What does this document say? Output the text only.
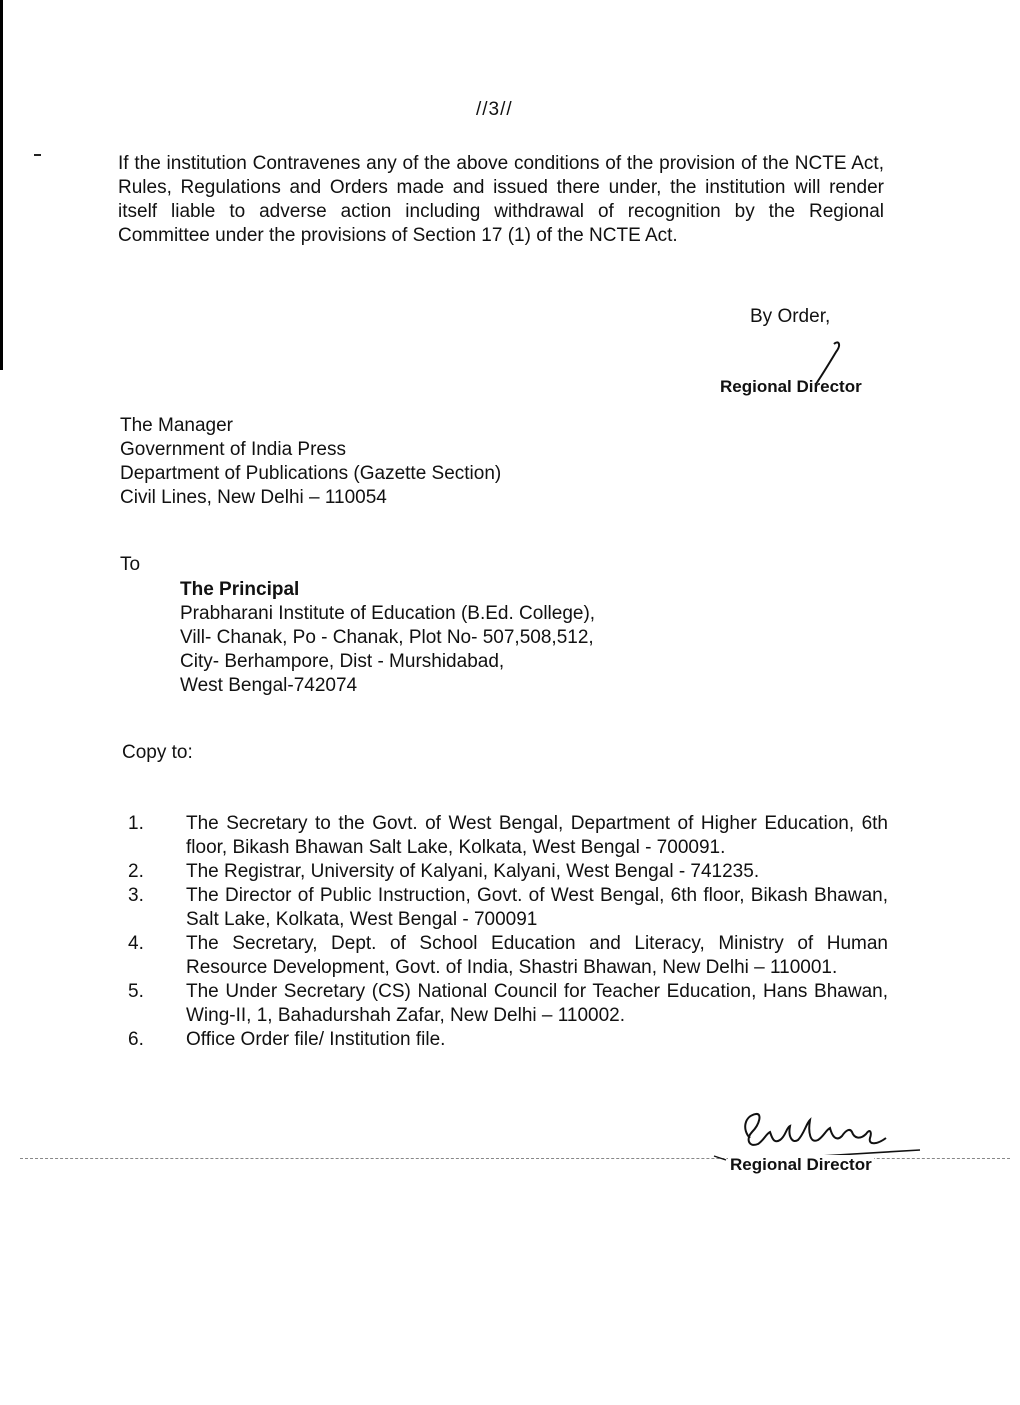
//3//

If the institution Contravenes any of the above conditions of the provision of the NCTE Act, Rules, Regulations and Orders made and issued there under, the institution will render itself liable to adverse action including withdrawal of recognition by the Regional Committee under the provisions of Section 17 (1) of the NCTE Act.

By Order,
Regional Director
The Manager
Government of India Press
Department of Publications (Gazette Section)
Civil Lines, New Delhi – 110054
To
The Principal
Prabharani Institute of Education (B.Ed. College),
Vill- Chanak, Po - Chanak, Plot No- 507,508,512,
City- Berhampore, Dist - Murshidabad,
West Bengal-742074
Copy to:
1.	The Secretary to the Govt. of West Bengal, Department of Higher Education, 6th floor, Bikash Bhawan Salt Lake, Kolkata, West Bengal - 700091.
2.	The Registrar, University of Kalyani, Kalyani, West Bengal - 741235.
3.	The Director of Public Instruction, Govt. of West Bengal, 6th floor, Bikash Bhawan, Salt Lake, Kolkata, West Bengal - 700091
4.	The Secretary, Dept. of School Education and Literacy, Ministry of Human Resource Development, Govt. of India, Shastri Bhawan, New Delhi – 110001.
5.	The Under Secretary (CS) National Council for Teacher Education, Hans Bhawan, Wing-II, 1, Bahadurshah Zafar, New Delhi – 110002.
6.	Office Order file/ Institution file.
Regional Director
